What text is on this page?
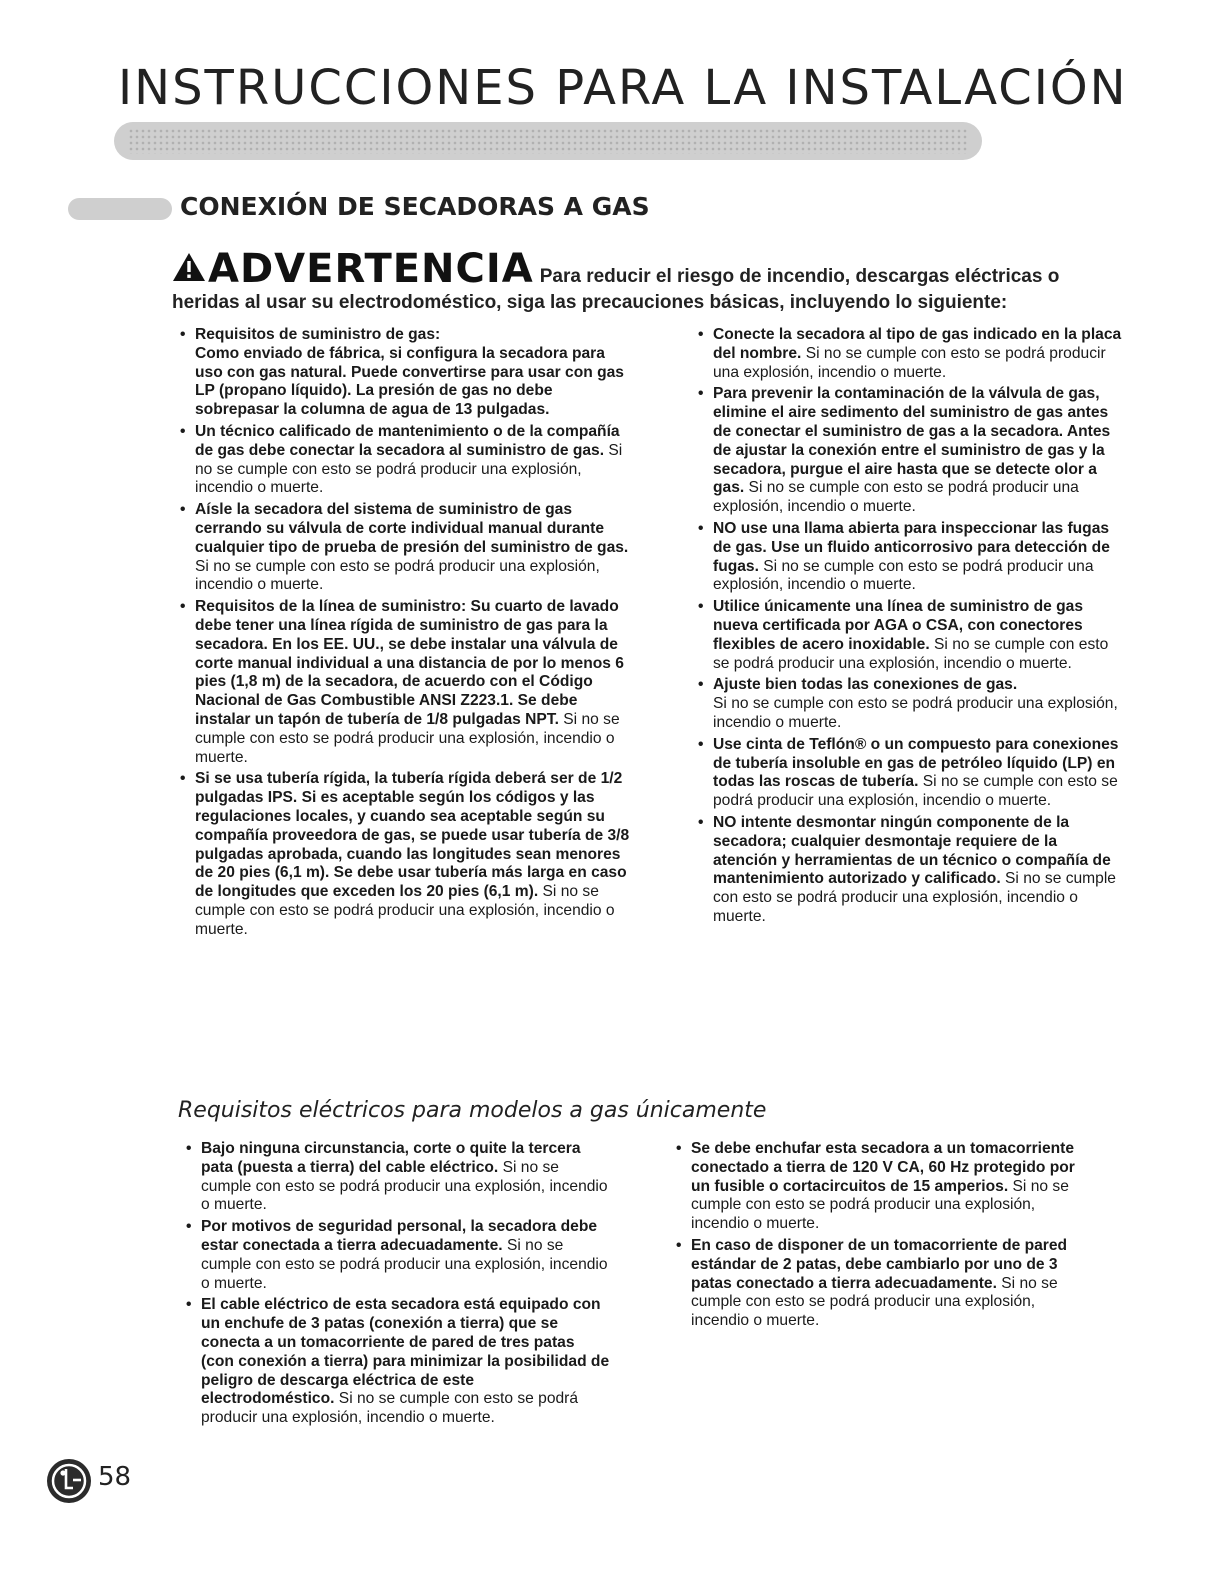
INSTRUCCIONES PARA LA INSTALACIÓN
CONEXIÓN DE SECADORAS A GAS
ADVERTENCIA Para reducir el riesgo de incendio, descargas eléctricas o

heridas al usar su electrodoméstico, siga las precauciones básicas, incluyendo lo siguiente:

• Requisitos de suministro de gas:
Como enviado de fábrica, si configura la secadora para uso con gas natural. Puede convertirse para usar con gas LP (propano líquido). La presión de gas no debe sobrepasar la columna de agua de 13 pulgadas.
• Un técnico calificado de mantenimiento o de la compañía de gas debe conectar la secadora al suministro de gas. Si no se cumple con esto se podrá producir una explosión, incendio o muerte.
• Aísle la secadora del sistema de suministro de gas cerrando su válvula de corte individual manual durante cualquier tipo de prueba de presión del suministro de gas. Si no se cumple con esto se podrá producir una explosión, incendio o muerte.
• Requisitos de la línea de suministro: Su cuarto de lavado debe tener una línea rígida de suministro de gas para la secadora. En los EE. UU., se debe instalar una válvula de corte manual individual a una distancia de por lo menos 6 pies (1,8 m) de la secadora, de acuerdo con el Código Nacional de Gas Combustible ANSI Z223.1. Se debe instalar un tapón de tubería de 1/8 pulgadas NPT. Si no se cumple con esto se podrá producir una explosión, incendio o muerte.
• Si se usa tubería rígida, la tubería rígida deberá ser de 1/2 pulgadas IPS. Si es aceptable según los códigos y las regulaciones locales, y cuando sea aceptable según su compañía proveedora de gas, se puede usar tubería de 3/8 pulgadas aprobada, cuando las longitudes sean menores de 20 pies (6,1 m). Se debe usar tubería más larga en caso de longitudes que exceden los 20 pies (6,1 m). Si no se cumple con esto se podrá producir una explosión, incendio o muerte.
• Conecte la secadora al tipo de gas indicado en la placa del nombre. Si no se cumple con esto se podrá producir una explosión, incendio o muerte.
• Para prevenir la contaminación de la válvula de gas, elimine el aire sedimento del suministro de gas antes de conectar el suministro de gas a la secadora. Antes de ajustar la conexión entre el suministro de gas y la secadora, purgue el aire hasta que se detecte olor a gas. Si no se cumple con esto se podrá producir una explosión, incendio o muerte.
• NO use una llama abierta para inspeccionar las fugas de gas. Use un fluido anticorrosivo para detección de fugas. Si no se cumple con esto se podrá producir una explosión, incendio o muerte.
• Utilice únicamente una línea de suministro de gas nueva certificada por AGA o CSA, con conectores flexibles de acero inoxidable. Si no se cumple con esto se podrá producir una explosión, incendio o muerte.
• Ajuste bien todas las conexiones de gas.
Si no se cumple con esto se podrá producir una explosión, incendio o muerte.
• Use cinta de Teflón® o un compuesto para conexiones de tubería insoluble en gas de petróleo líquido (LP) en todas las roscas de tubería. Si no se cumple con esto se podrá producir una explosión, incendio o muerte.
• NO intente desmontar ningún componente de la secadora; cualquier desmontaje requiere de la atención y herramientas de un técnico o compañía de mantenimiento autorizado y calificado. Si no se cumple con esto se podrá producir una explosión, incendio o muerte.
Requisitos eléctricos para modelos a gas únicamente
• Bajo ninguna circunstancia, corte o quite la tercera pata (puesta a tierra) del cable eléctrico. Si no se cumple con esto se podrá producir una explosión, incendio o muerte.
• Por motivos de seguridad personal, la secadora debe estar conectada a tierra adecuadamente. Si no se cumple con esto se podrá producir una explosión, incendio o muerte.
• El cable eléctrico de esta secadora está equipado con un enchufe de 3 patas (conexión a tierra) que se conecta a un tomacorriente de pared de tres patas (con conexión a tierra) para minimizar la posibilidad de peligro de descarga eléctrica de este electrodoméstico. Si no se cumple con esto se podrá producir una explosión, incendio o muerte.
• Se debe enchufar esta secadora a un tomacorriente conectado a tierra de 120 V CA, 60 Hz protegido por un fusible o cortacircuitos de 15 amperios. Si no se cumple con esto se podrá producir una explosión, incendio o muerte.
• En caso de disponer de un tomacorriente de pared estándar de 2 patas, debe cambiarlo por uno de 3 patas conectado a tierra adecuadamente. Si no se cumple con esto se podrá producir una explosión, incendio o muerte.
58
